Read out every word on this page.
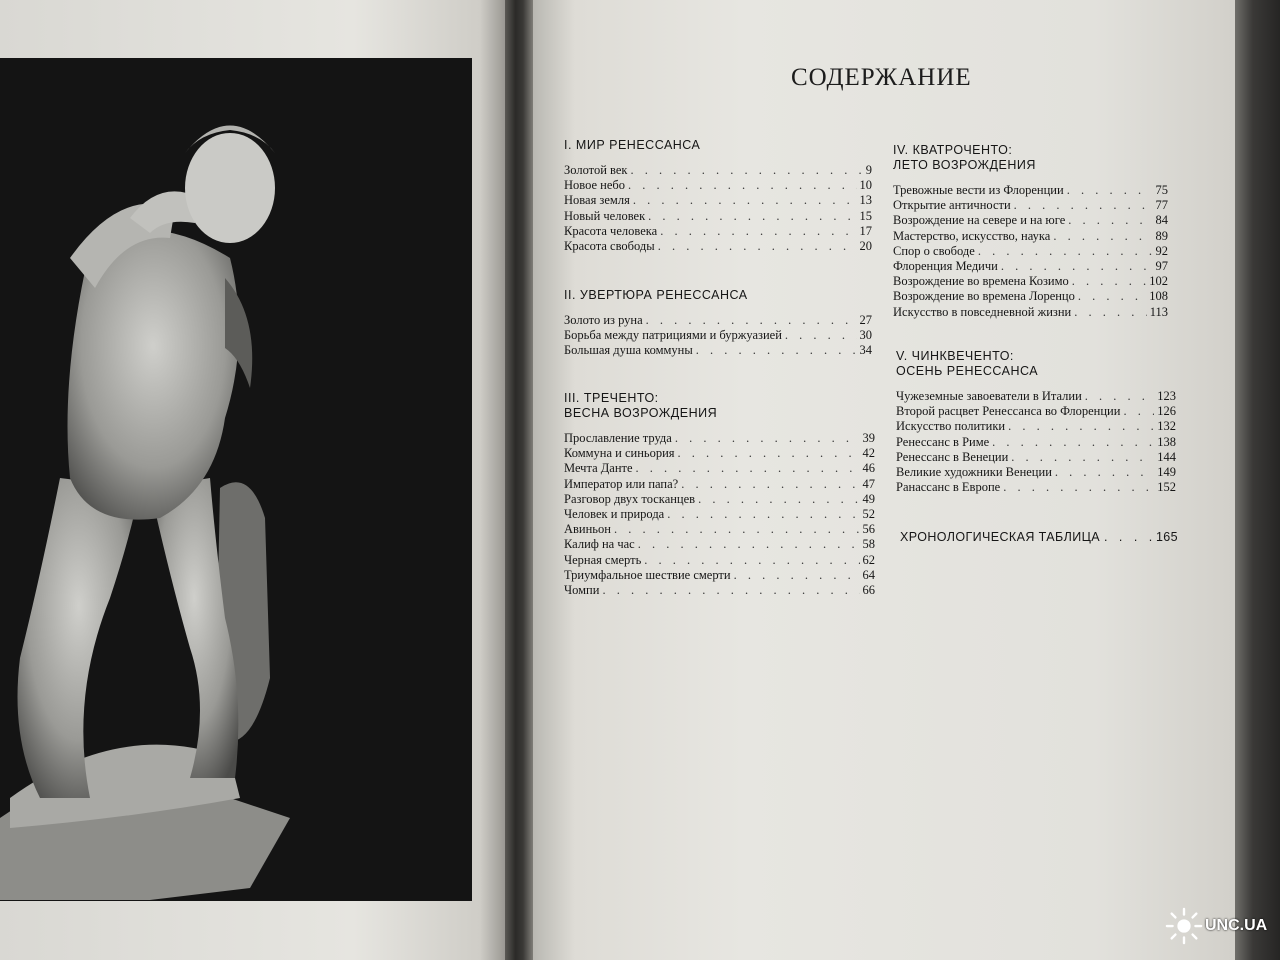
СОДЕРЖАНИЕ
I. МИР РЕНЕССАНСА
Золотой век . . .	9
Новое небо . . .	10
Новая земля . . .	13
Новый человек . . .	15
Красота человека . . .	17
Красота свободы . . .	20
II. УВЕРТЮРА РЕНЕССАНСА
Золото из руна . . .	27
Борьба между патрициями и буржуазией . . .	30
Большая душа коммуны . . .	34
III. ТРЕЧЕНТО:
ВЕСНА ВОЗРОЖДЕНИЯ
Прославление труда . . .	39
Коммуна и синьория . . .	42
Мечта Данте . . .	46
Император или папа? . . .	47
Разговор двух тосканцев . . .	49
Человек и природа . . .	52
Авиньон . . .	56
Калиф на час . . .	58
Черная смерть . . .	62
Триумфальное шествие смерти . . .	64
Чомпи . . .	66
IV. КВАТРОЧЕНТО:
ЛЕТО ВОЗРОЖДЕНИЯ
Тревожные вести из Флоренции . . .	75
Открытие античности . . .	77
Возрождение на севере и на юге . . .	84
Мастерство, искусство, наука . . .	89
Спор о свободе . . .	92
Флоренция Медичи . . .	97
Возрождение во времена Козимо . . .	102
Возрождение во времена Лоренцо . . .	108
Искусство в повседневной жизни . . .	113
V. ЧИНКВЕЧЕНТО:
ОСЕНЬ РЕНЕССАНСА
Чужеземные завоеватели в Италии . . .	123
Второй расцвет Ренессанса во Флоренции . . .	126
Искусство политики . . .	132
Ренессанс в Риме . . .	138
Ренессанс в Венеции . . .	144
Великие художники Венеции . . .	149
Ранассанс в Европе . . .	152
ХРОНОЛОГИЧЕСКАЯ ТАБЛИЦА . . .	165
UNC.UA
